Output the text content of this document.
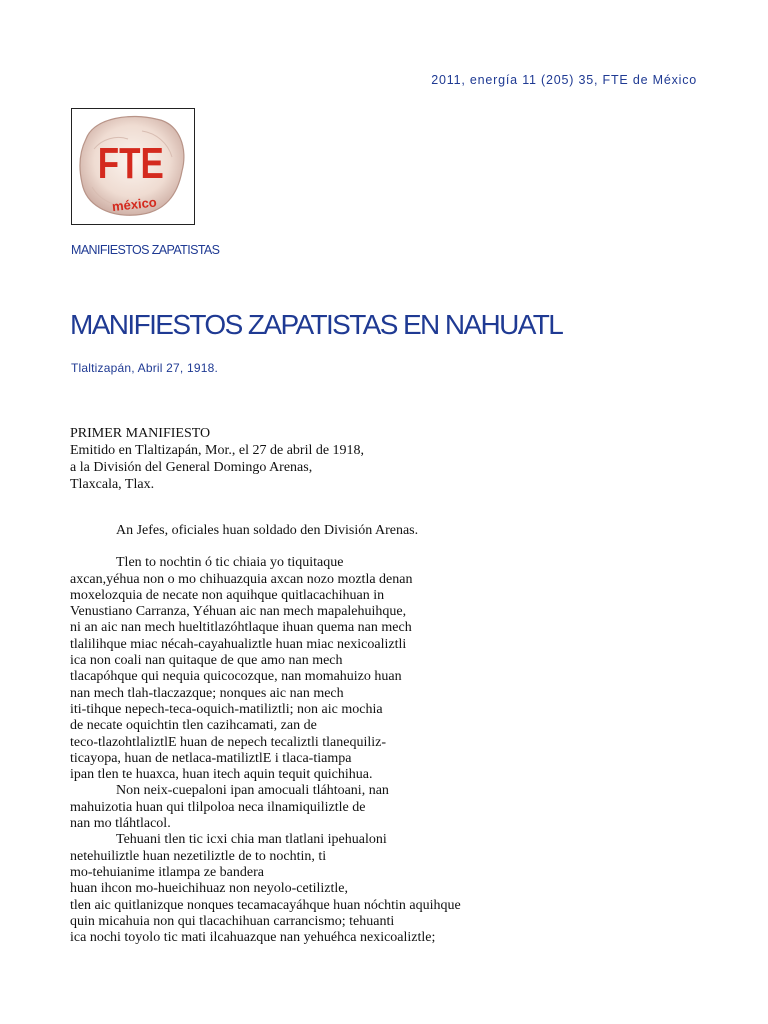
2011, energía 11 (205) 35, FTE de México
FTE
méxico
MANIFIESTOS ZAPATISTAS
MANIFIESTOS ZAPATISTAS EN NAHUATL
Tlaltizapán, Abril 27, 1918.
PRIMER MANIFIESTO
Emitido en Tlaltizapán, Mor., el 27 de abril de 1918,
a la División del General Domingo Arenas,
Tlaxcala, Tlax.
An Jefes, oficiales huan soldado den División Arenas.
Tlen to nochtin ó tic chiaia yo tiquitaque
axcan,yéhua non o mo chihuazquia axcan nozo moztla denan
moxelozquia de necate non aquihque quitlacachihuan in
Venustiano Carranza, Yéhuan aic nan mech mapalehuihque,
ni an aic nan mech hueltitlazóhtlaque ihuan quema nan mech
tlalilihque miac nécah-cayahualiztle huan miac nexicoaliztli
ica non coali nan quitaque de que amo nan mech
tlacapóhque qui nequia quicocozque, nan momahuizo huan
nan mech tlah-tlaczazque; nonques aic nan mech
iti-tihque nepech-teca-oquich-matiliztli; non aic mochia
de necate oquichtin tlen cazihcamati, zan de
teco-tlazohtlaliztlE huan de nepech tecaliztli tlanequiliz-
ticayopa, huan de netlaca-matiliztlE i tlaca-tiampa
ipan tlen te huaxca, huan itech aquin tequit quichihua.
Non neix-cuepaloni ipan amocuali tláhtoani, nan
mahuizotia huan qui tlilpoloa neca ilnamiquiliztle de
nan mo tláhtlacol.
Tehuani tlen tic icxi chia man tlatlani ipehualoni
netehuiliztle huan nezetiliztle de to nochtin, ti
mo-tehuianime itlampa ze bandera
huan ihcon mo-hueichihuaz non neyolo-cetiliztle,
tlen aic quitlanizque nonques tecamacayáhque huan nóchtin aquihque
quin micahuia non qui tlacachihuan carrancismo; tehuanti
ica nochi toyolo tic mati ilcahuazque nan yehuéhca nexicoaliztle;
